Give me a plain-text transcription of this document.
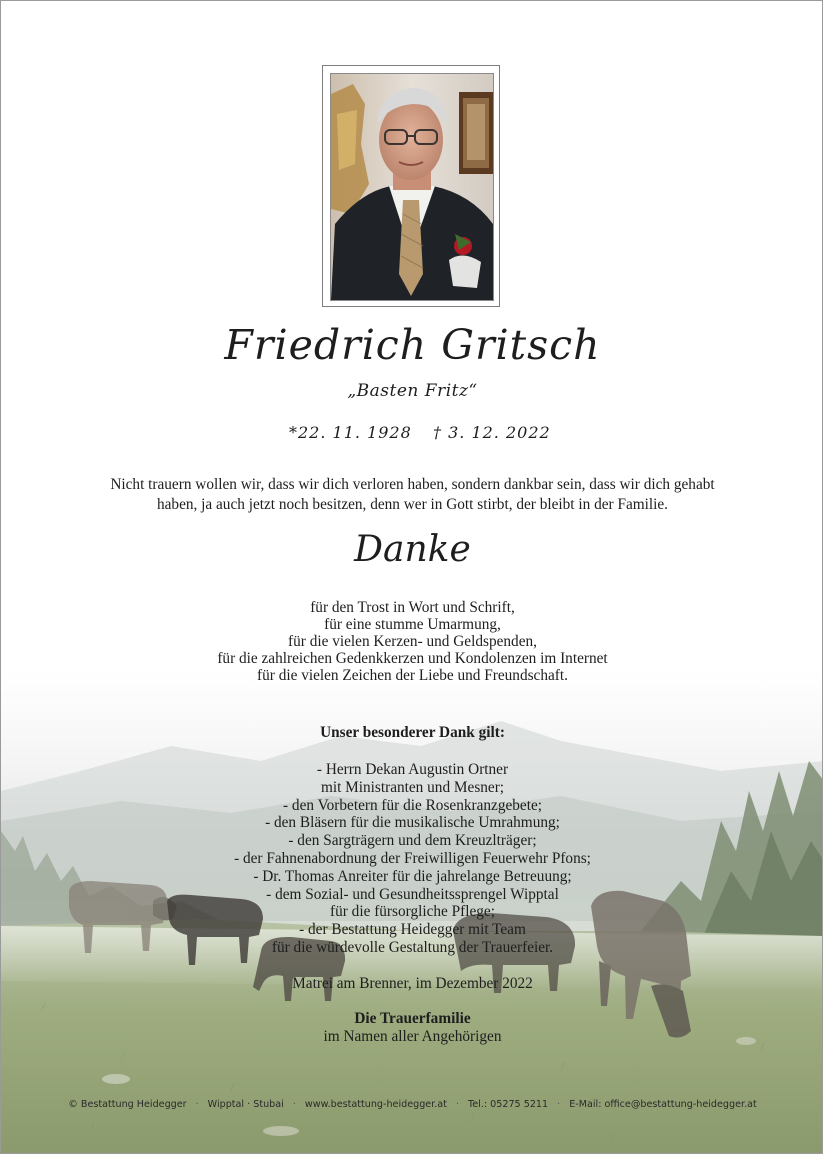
Friedrich Gritsch
„Basten Fritz“
*22. 11. 1928 † 3. 12. 2022
Nicht trauern wollen wir, dass wir dich verloren haben, sondern dankbar sein, dass wir dich gehabt haben, ja auch jetzt noch besitzen, denn wer in Gott stirbt, der bleibt in der Familie.
Danke
für den Trost in Wort und Schrift,
für eine stumme Umarmung,
für die vielen Kerzen- und Geldspenden,
für die zahlreichen Gedenkkerzen und Kondolenzen im Internet
für die vielen Zeichen der Liebe und Freundschaft.
Unser besonderer Dank gilt:
- Herrn Dekan Augustin Ortner
mit Ministranten und Mesner;
- den Vorbetern für die Rosenkranzgebete;
- den Bläsern für die musikalische Umrahmung;
- den Sargträgern und dem Kreuzlträger;
- der Fahnenabordnung der Freiwilligen Feuerwehr Pfons;
- Dr. Thomas Anreiter für die jahrelange Betreuung;
- dem Sozial- und Gesundheitssprengel Wipptal
für die fürsorgliche Pflege;
- der Bestattung Heidegger mit Team
für die würdevolle Gestaltung der Trauerfeier.
Matrei am Brenner, im Dezember 2022
Die Trauerfamilie
im Namen aller Angehörigen
© Bestattung Heidegger · Wipptal · Stubai · www.bestattung-heidegger.at · Tel.: 05275 5211 · E-Mail: office@bestattung-heidegger.at
